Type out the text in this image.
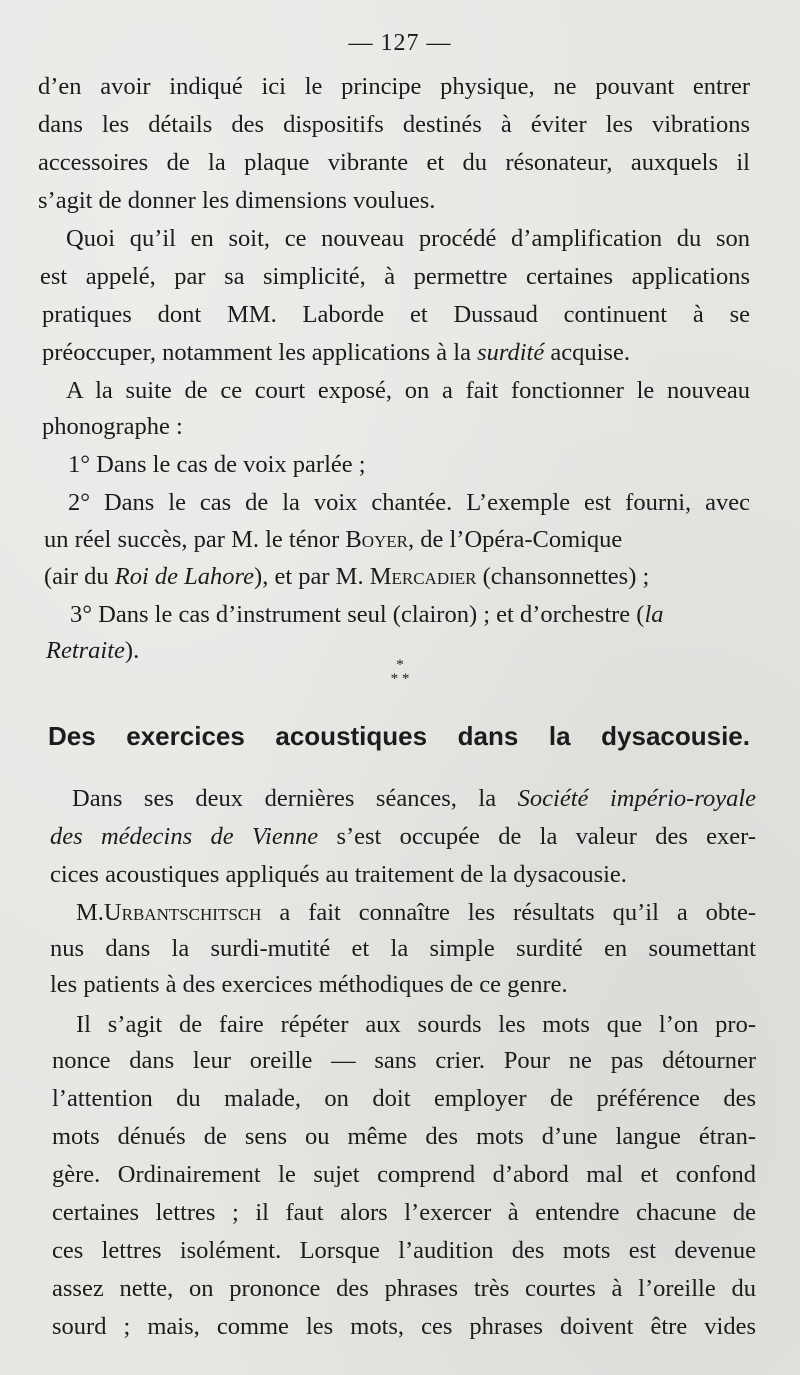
— 127 —
d’en avoir indiqué ici le principe physique, ne pouvant entrer
dans les détails des dispositifs destinés à éviter les vibrations
accessoires de la plaque vibrante et du résonateur, auxquels il
s’agit de donner les dimensions voulues.
Quoi qu’il en soit, ce nouveau procédé d’amplification du son
est appelé, par sa simplicité, à permettre certaines applications
pratiques dont MM. Laborde et Dussaud continuent à se
préoccuper, notamment les applications à la surdité acquise.
A la suite de ce court exposé, on a fait fonctionner le nouveau
phonographe :
1° Dans le cas de voix parlée ;
2° Dans le cas de la voix chantée. L’exemple est fourni, avec
un réel succès, par M. le ténor Boyer, de l’Opéra-Comique
(air du Roi de Lahore), et par M. Mercadier (chansonnettes) ;
3° Dans le cas d’instrument seul (clairon) ; et d’orchestre (la
Retraite).
*
* *
Des exercices acoustiques dans la dysacousie.
Dans ses deux dernières séances, la Société império-royale
des médecins de Vienne s’est occupée de la valeur des exer-
cices acoustiques appliqués au traitement de la dysacousie.
M.Urbantschitsch a fait connaître les résultats qu’il a obte-
nus dans la surdi-mutité et la simple surdité en soumettant
les patients à des exercices méthodiques de ce genre.
Il s’agit de faire répéter aux sourds les mots que l’on pro-
nonce dans leur oreille — sans crier. Pour ne pas détourner
l’attention du malade, on doit employer de préférence des
mots dénués de sens ou même des mots d’une langue étran-
gère. Ordinairement le sujet comprend d’abord mal et confond
certaines lettres ; il faut alors l’exercer à entendre chacune de
ces lettres isolément. Lorsque l’audition des mots est devenue
assez nette, on prononce des phrases très courtes à l’oreille du
sourd ; mais, comme les mots, ces phrases doivent être vides
